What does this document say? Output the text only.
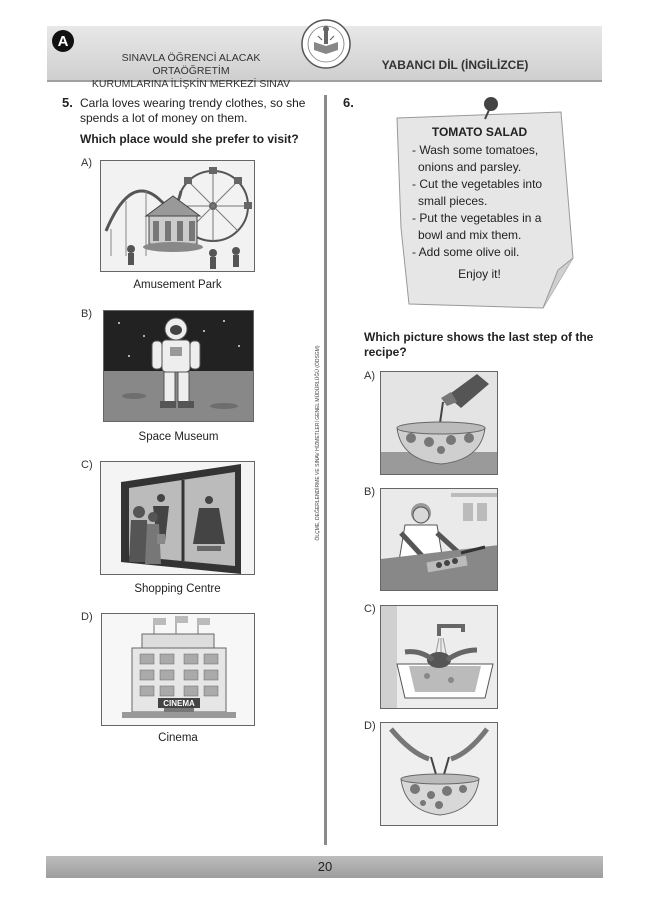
A
SINAVLA ÖĞRENCİ ALACAK ORTAÖĞRETİM
KURUMLARINA İLİŞKİN MERKEZİ SINAV
YABANCI DİL (İNGİLİZCE)
ÖLÇME, DEĞERLENDİRME VE SINAV HİZMETLERİ GENEL MÜDÜRLÜĞÜ (ÖDSGM)
5. Carla loves wearing trendy clothes, so she
spends a lot of money on them.
Which place would she prefer to visit?
A)
Amusement Park
B)
Space Museum
C)
Shopping Centre
D)
CINEMA
Cinema
6.
TOMATO SALAD
- Wash some tomatoes, onions and parsley.
- Cut the vegetables into small pieces.
- Put the vegetables in a bowl and mix them.
- Add some olive oil.
Enjoy it!
Which picture shows the last step of the
recipe?
A)
B)
C)
D)
20
